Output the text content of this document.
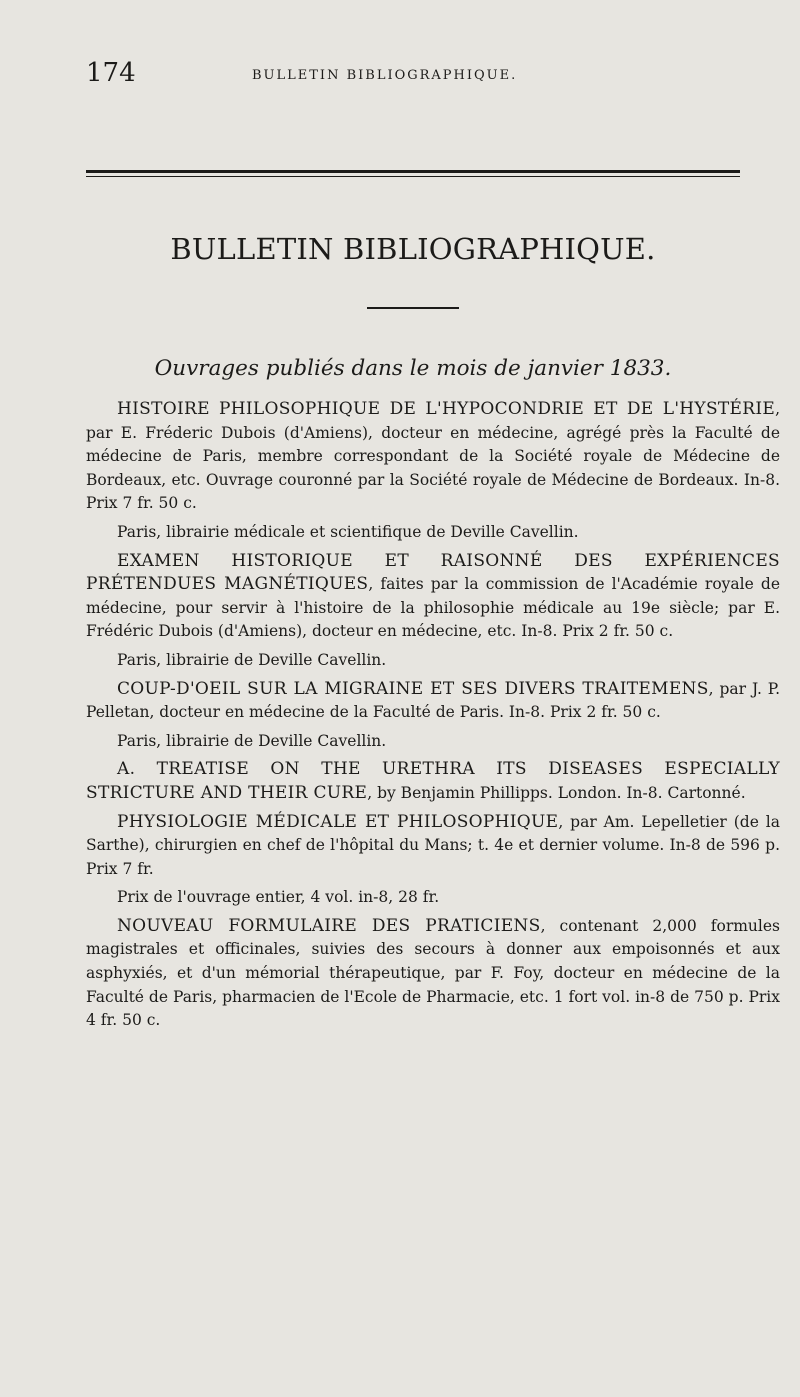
174	BULLETIN BIBLIOGRAPHIQUE.
BULLETIN BIBLIOGRAPHIQUE.
Ouvrages publiés dans le mois de janvier 1833.

HISTOIRE PHILOSOPHIQUE DE L'HYPOCONDRIE ET DE L'HYSTÉRIE, par E. Fréderic Dubois (d'Amiens), docteur en médecine, agrégé près la Faculté de médecine de Paris, membre correspondant de la Société royale de Médecine de Bordeaux, etc. Ouvrage couronné par la Société royale de Médecine de Bordeaux. In-8. Prix 7 fr. 50 c.

Paris, librairie médicale et scientifique de Deville Cavellin.

EXAMEN HISTORIQUE ET RAISONNÉ DES EXPÉRIENCES PRÉTENDUES MAGNÉTIQUES, faites par la commission de l'Académie royale de médecine, pour servir à l'histoire de la philosophie médicale au 19e siècle; par E. Frédéric Dubois (d'Amiens), docteur en médecine, etc. In-8. Prix 2 fr. 50 c.

Paris, librairie de Deville Cavellin.

COUP-D'OEIL SUR LA MIGRAINE ET SES DIVERS TRAITEMENS, par J. P. Pelletan, docteur en médecine de la Faculté de Paris. In-8. Prix 2 fr. 50 c.

Paris, librairie de Deville Cavellin.

A. TREATISE ON THE URETHRA ITS DISEASES ESPECIALLY STRICTURE AND THEIR CURE, by Benjamin Phillipps. London. In-8. Cartonné.

PHYSIOLOGIE MÉDICALE ET PHILOSOPHIQUE, par Am. Lepelletier (de la Sarthe), chirurgien en chef de l'hôpital du Mans; t. 4e et dernier volume. In-8 de 596 p. Prix 7 fr.

Prix de l'ouvrage entier, 4 vol. in-8, 28 fr.

NOUVEAU FORMULAIRE DES PRATICIENS, contenant 2,000 formules magistrales et officinales, suivies des secours à donner aux empoisonnés et aux asphyxiés, et d'un mémorial thérapeutique, par F. Foy, docteur en médecine de la Faculté de Paris, pharmacien de l'Ecole de Pharmacie, etc. 1 fort vol. in-8 de 750 p. Prix 4 fr. 50 c.
